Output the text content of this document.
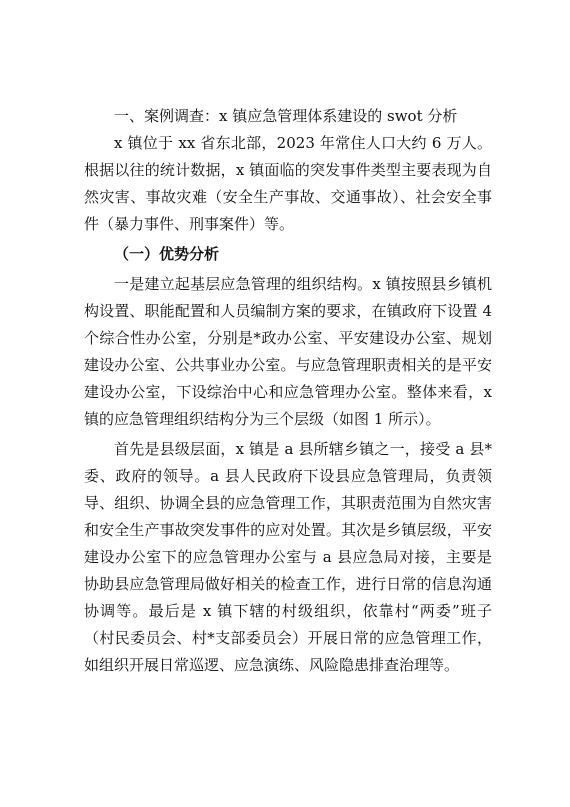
一、案例调查：x 镇应急管理体系建设的 swot 分析

x 镇位于 xx 省东北部，2023 年常住人口大约 6 万人。根据以往的统计数据，x 镇面临的突发事件类型主要表现为自然灾害、事故灾难（安全生产事故、交通事故）、社会安全事件（暴力事件、刑事案件）等。

（一）优势分析

一是建立起基层应急管理的组织结构。x 镇按照县乡镇机构设置、职能配置和人员编制方案的要求，在镇政府下设置 4 个综合性办公室，分别是*政办公室、平安建设办公室、规划建设办公室、公共事业办公室。与应急管理职责相关的是平安建设办公室，下设综治中心和应急管理办公室。整体来看，x 镇的应急管理组织结构分为三个层级（如图 1 所示）。

首先是县级层面，x 镇是 a 县所辖乡镇之一，接受 a 县*委、政府的领导。a 县人民政府下设县应急管理局，负责领导、组织、协调全县的应急管理工作，其职责范围为自然灾害和安全生产事故突发事件的应对处置。其次是乡镇层级，平安建设办公室下的应急管理办公室与 a 县应急局对接，主要是协助县应急管理局做好相关的检查工作，进行日常的信息沟通协调等。最后是 x 镇下辖的村级组织，依靠村“两委”班子（村民委员会、村*支部委员会）开展日常的应急管理工作，如组织开展日常巡逻、应急演练、风险隐患排查治理等。
